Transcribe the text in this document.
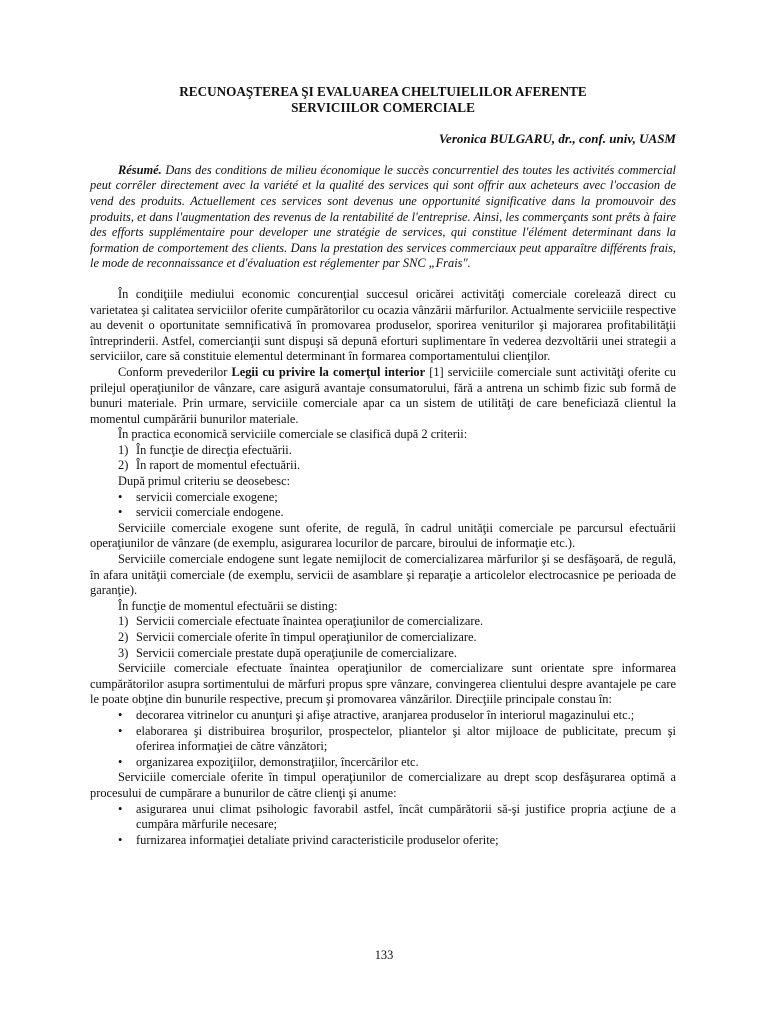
RECUNOAŞTEREA ŞI EVALUAREA CHELTUIELILOR AFERENTE
SERVICIILOR COMERCIALE
Veronica BULGARU, dr., conf. univ, UASM

Résumé. Dans des conditions de milieu économique le succès concurrentiel des toutes les activités commercial peut corrêler directement avec la variété et la qualité des services qui sont offrir aux acheteurs avec l'occasion de vend des produits. Actuellement ces services sont devenus une opportunité significative dans la promouvoir des produits, et dans l'augmentation des revenus de la rentabilité de l'entreprise. Ainsi, les commerçants sont prêts à faire des efforts supplémentaire pour developer une stratégie de services, qui constitue l'élément determinant dans la formation de comportement des clients. Dans la prestation des services commerciaux peut apparaître différents frais, le mode de reconnaissance et d'évaluation est réglementer par SNC „Frais".

În condiţiile mediului economic concurenţial succesul oricărei activităţi comerciale corelează direct cu varietatea şi calitatea serviciilor oferite cumpărătorilor cu ocazia vânzării mărfurilor. Actualmente serviciile respective au devenit o oportunitate semnificativă în promovarea produselor, sporirea veniturilor şi majorarea profitabilităţii întreprinderii. Astfel, comercianţii sunt dispuşi să depună eforturi suplimentare în vederea dezvoltării unei strategii a serviciilor, care să constituie elementul determinant în formarea comportamentului clienţilor.

Conform prevederilor Legii cu privire la comerţul interior [1] serviciile comerciale sunt activităţi oferite cu prilejul operaţiunilor de vânzare, care asigură avantaje consumatorului, fără a antrena un schimb fizic sub formă de bunuri materiale. Prin urmare, serviciile comerciale apar ca un sistem de utilităţi de care beneficiază clientul la momentul cumpărării bunurilor materiale.

În practica economică serviciile comerciale se clasifică după 2 criterii:

1) În funcţie de direcţia efectuării.
2) În raport de momentul efectuării.

După primul criteriu se deosebesc:

• servicii comerciale exogene;
• servicii comerciale endogene.

Serviciile comerciale exogene sunt oferite, de regulă, în cadrul unităţii comerciale pe parcursul efectuării operaţiunilor de vânzare (de exemplu, asigurarea locurilor de parcare, biroului de informaţie etc.).

Serviciile comerciale endogene sunt legate nemijlocit de comercializarea mărfurilor şi se desfăşoară, de regulă, în afara unităţii comerciale (de exemplu, servicii de asamblare şi reparaţie a articolelor electrocasnice pe perioada de garanţie).

În funcţie de momentul efectuării se disting:

1) Servicii comerciale efectuate înaintea operaţiunilor de comercializare.
2) Servicii comerciale oferite în timpul operaţiunilor de comercializare.
3) Servicii comerciale prestate după operaţiunile de comercializare.

Serviciile comerciale efectuate înaintea operaţiunilor de comercializare sunt orientate spre informarea cumpărătorilor asupra sortimentului de mărfuri propus spre vânzare, convingerea clientului despre avantajele pe care le poate obţine din bunurile respective, precum şi promovarea vânzărilor. Direcţiile principale constau în:

• decorarea vitrinelor cu anunţuri şi afişe atractive, aranjarea produselor în interiorul magazinului etc.;
• elaborarea şi distribuirea broşurilor, prospectelor, pliantelor şi altor mijloace de publicitate, precum şi oferirea informaţiei de către vânzători;
• organizarea expoziţiilor, demonstraţiilor, încercărilor etc.

Serviciile comerciale oferite în timpul operaţiunilor de comercializare au drept scop desfăşurarea optimă a procesului de cumpărare a bunurilor de către clienţi şi anume:

• asigurarea unui climat psihologic favorabil astfel, încât cumpărătorii să-şi justifice propria acţiune de a cumpăra mărfurile necesare;
• furnizarea informaţiei detaliate privind caracteristicile produselor oferite;
133
